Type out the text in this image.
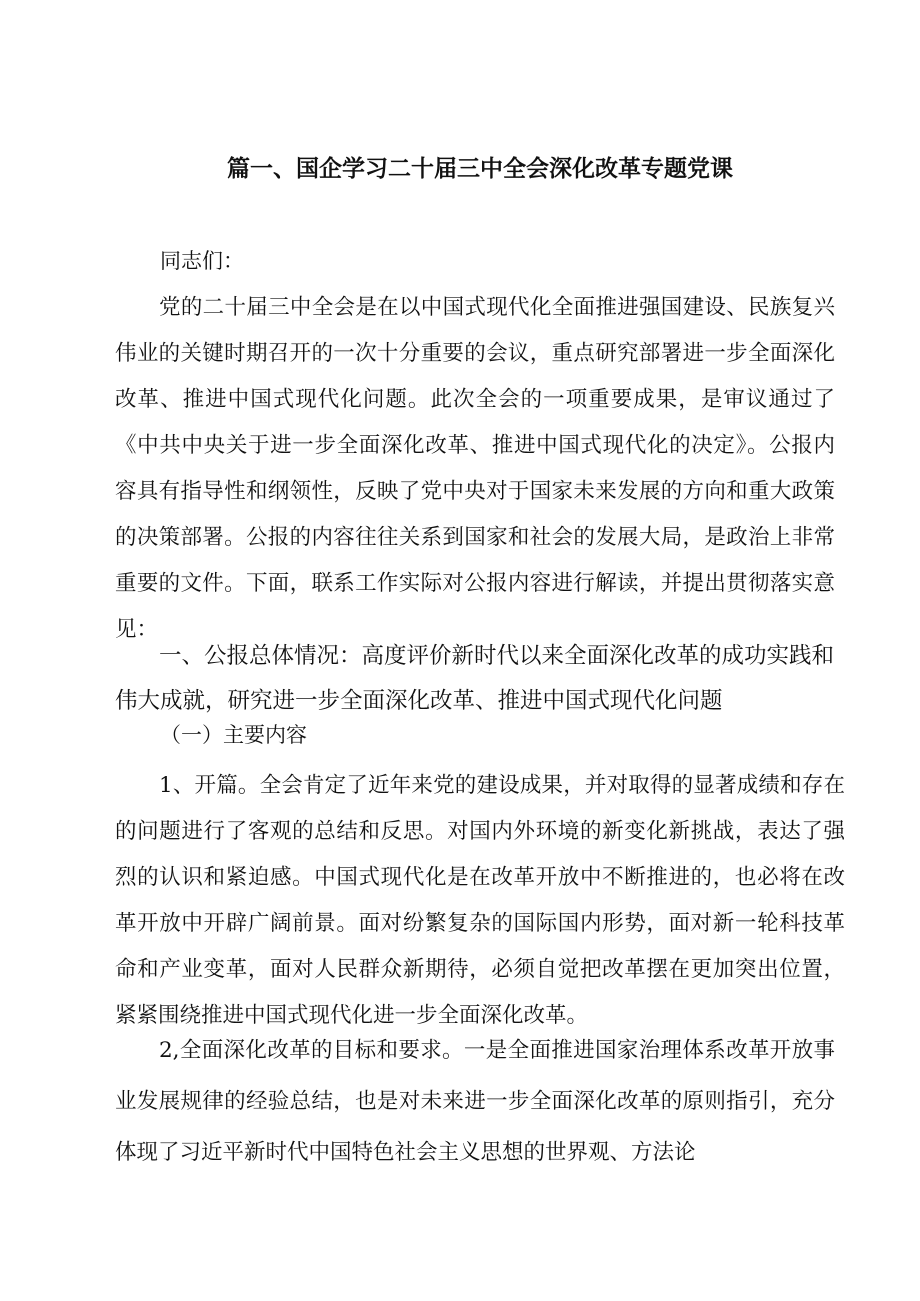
篇一、国企学习二十届三中全会深化改革专题党课
同志们：

党的二十届三中全会是在以中国式现代化全面推进强国建设、民族复兴伟业的关键时期召开的一次十分重要的会议，重点研究部署进一步全面深化改革、推进中国式现代化问题。此次全会的一项重要成果，是审议通过了《中共中央关于进一步全面深化改革、推进中国式现代化的决定》。公报内容具有指导性和纲领性，反映了党中央对于国家未来发展的方向和重大政策的决策部署。公报的内容往往关系到国家和社会的发展大局，是政治上非常重要的文件。下面，联系工作实际对公报内容进行解读，并提出贯彻落实意见：

一、公报总体情况：高度评价新时代以来全面深化改革的成功实践和伟大成就，研究进一步全面深化改革、推进中国式现代化问题

（一）主要内容

1、开篇。全会肯定了近年来党的建设成果，并对取得的显著成绩和存在的问题进行了客观的总结和反思。对国内外环境的新变化新挑战，表达了强烈的认识和紧迫感。中国式现代化是在改革开放中不断推进的，也必将在改革开放中开辟广阔前景。面对纷繁复杂的国际国内形势，面对新一轮科技革命和产业变革，面对人民群众新期待，必须自觉把改革摆在更加突出位置，紧紧围绕推进中国式现代化进一步全面深化改革。

2,全面深化改革的目标和要求。一是全面推进国家治理体系改革开放事业发展规律的经验总结，也是对未来进一步全面深化改革的原则指引，充分体现了习近平新时代中国特色社会主义思想的世界观、方法论
